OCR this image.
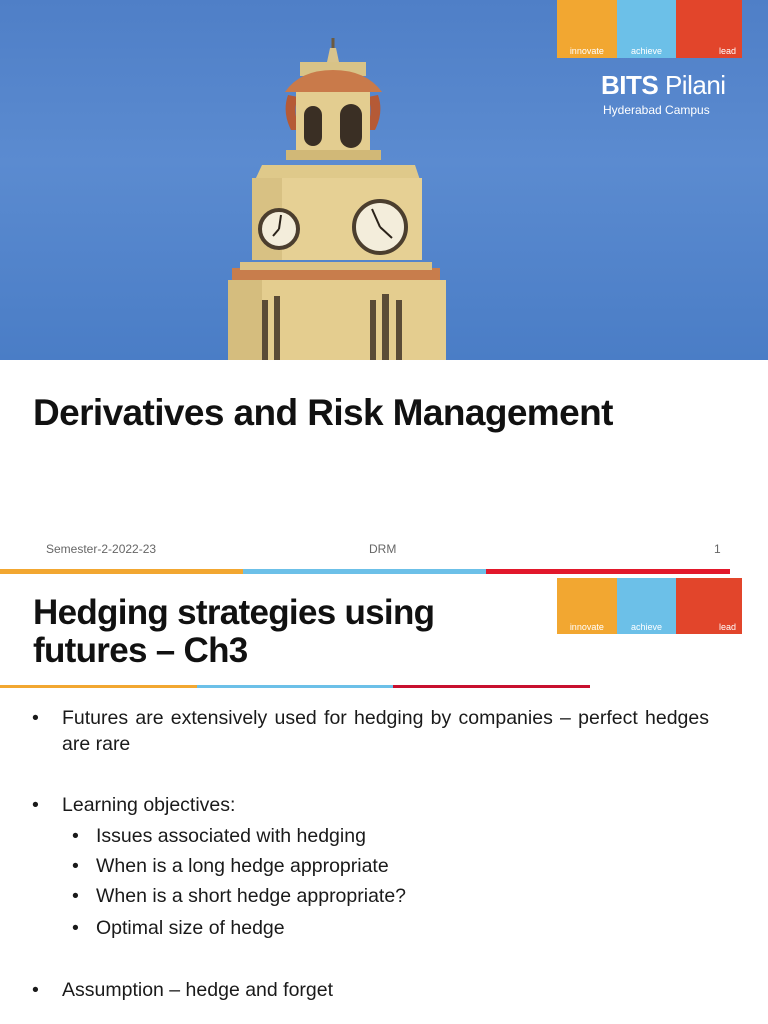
innovate	achieve	lead
BITS Pilani
Hyderabad Campus
Derivatives and Risk Management
Semester-2-2022-23	DRM	1
innovate	achieve	lead
Hedging strategies using
futures – Ch3
• Futures are extensively used for hedging by companies – perfect hedges are rare
• Learning objectives:
• Issues associated with hedging
• When is a long hedge appropriate
• When is a short hedge appropriate?
• Optimal size of hedge
• Assumption – hedge and forget
